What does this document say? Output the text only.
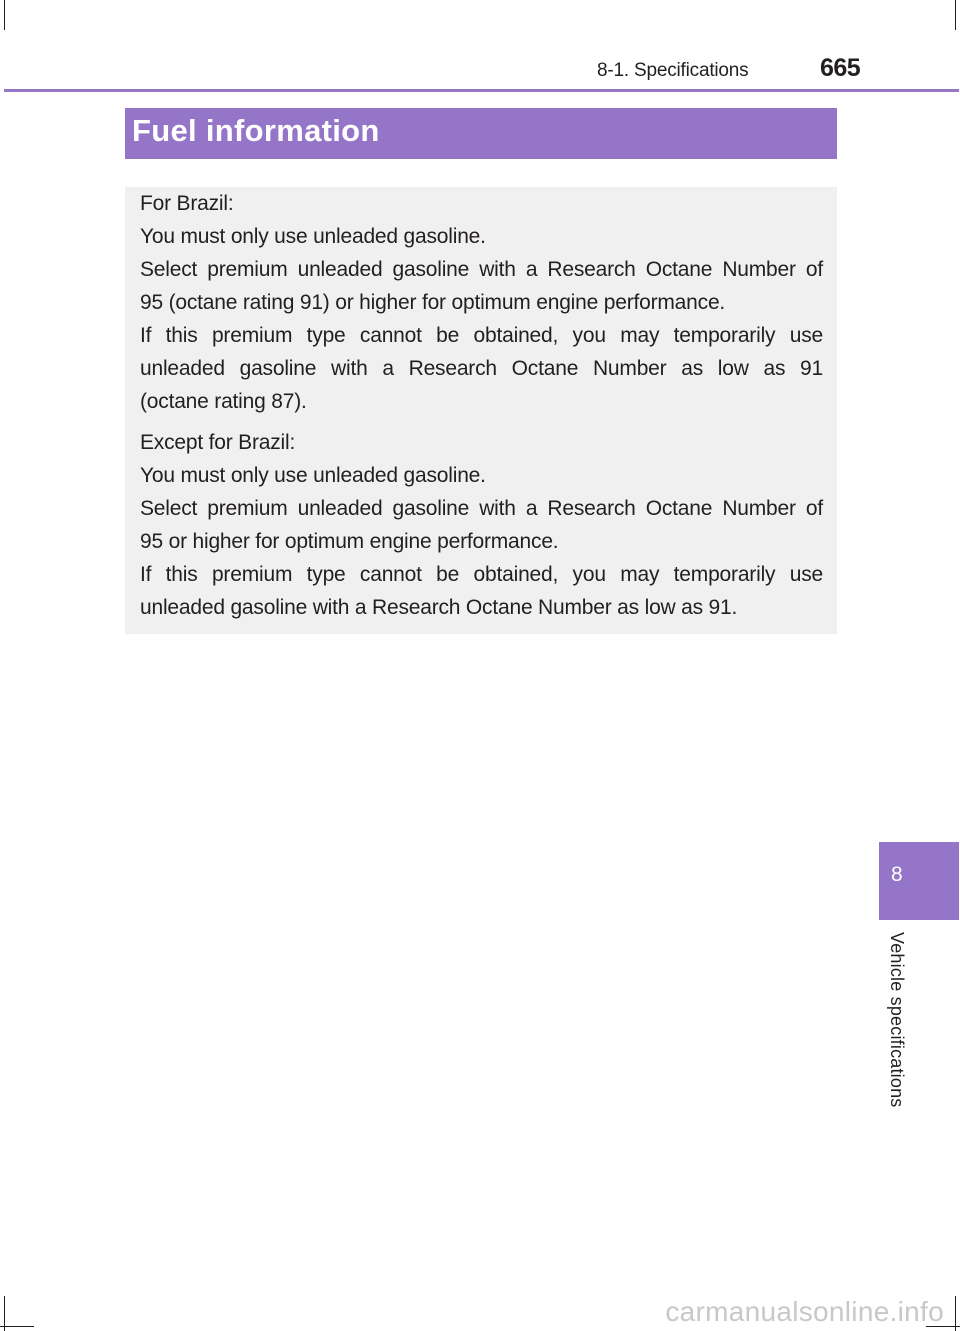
8-1. Specifications	665
Fuel information

For Brazil:

You must only use unleaded gasoline.

Select premium unleaded gasoline with a Research Octane Number of

95 (octane rating 91) or higher for optimum engine performance.

If this premium type cannot be obtained, you may temporarily use

unleaded gasoline with a Research Octane Number as low as 91

(octane rating 87).

Except for Brazil:

You must only use unleaded gasoline.

Select premium unleaded gasoline with a Research Octane Number of

95 or higher for optimum engine performance.

If this premium type cannot be obtained, you may temporarily use

unleaded gasoline with a Research Octane Number as low as 91.

8
Vehicle specifications
carmanualsonline.info
